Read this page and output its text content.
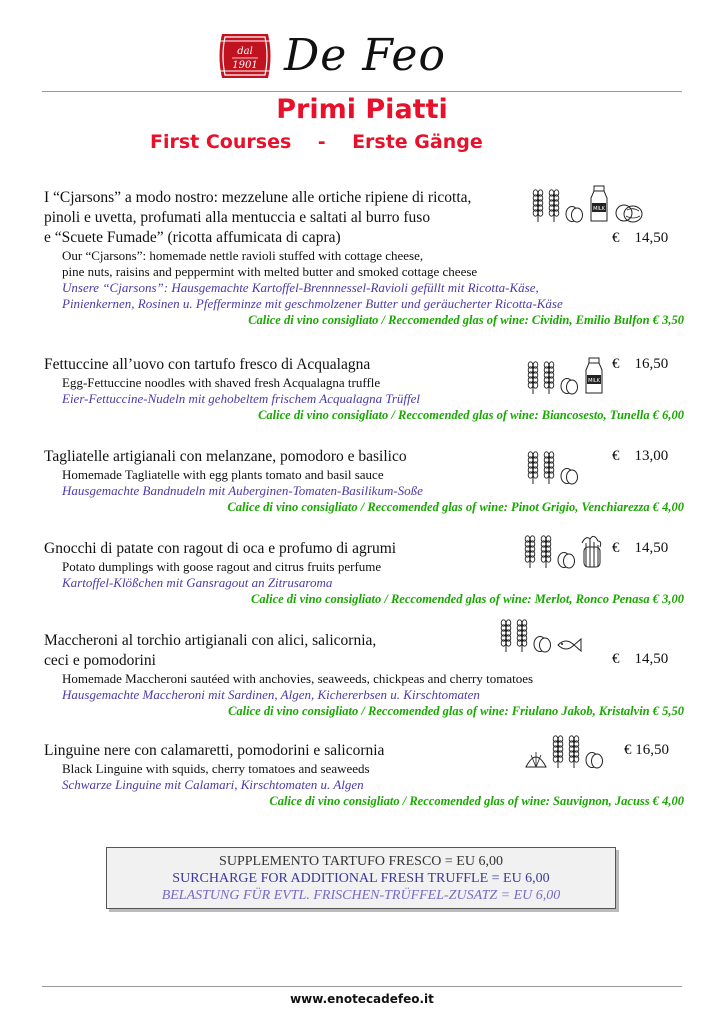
dal
1901 De Feo
Primi Piatti
First Courses    -    Erste Gänge
I “Cjarsons” a modo nostro: mezzelune alle ortiche ripiene di ricotta,
pinoli e uvetta, profumati alla mentuccia e saltati al burro fuso
e “Scuete Fumade” (ricotta affumicata di capra)
Our “Cjarsons”: homemade nettle ravioli stuffed with cottage cheese,
pine nuts, raisins and peppermint with melted butter and smoked cottage cheese
Unsere “Cjarsons”: Hausgemachte Kartoffel-Brennnessel-Ravioli gefüllt mit Ricotta-Käse,
Pinienkernen, Rosinen u. Pfefferminze mit geschmolzener Butter und geräucherter Ricotta-Käse
Calice di vino consigliato / Reccomended glas of wine: Cividin, Emilio Bulfon € 3,50
€    14,50
MILK
Fettuccine all’uovo con tartufo fresco di Acqualagna
Egg-Fettuccine noodles with shaved fresh Acqualagna truffle
Eier-Fettuccine-Nudeln mit gehobeltem frischem Acqualagna Trüffel
Calice di vino consigliato / Reccomended glas of wine: Biancosesto, Tunella € 6,00
€    16,50
MILK
Tagliatelle artigianali con melanzane, pomodoro e basilico
Homemade Tagliatelle with egg plants tomato and basil sauce
Hausgemachte Bandnudeln mit Auberginen-Tomaten-Basilikum-Soße
Calice di vino consigliato / Reccomended glas of wine: Pinot Grigio, Venchiarezza € 4,00
€    13,00
Gnocchi di patate con ragout di oca e profumo di agrumi
Potato dumplings with goose ragout and citrus fruits perfume
Kartoffel-Klößchen mit Gansragout an Zitrusaroma
Calice di vino consigliato / Reccomended glas of wine: Merlot, Ronco Penasa € 3,00
€    14,50
Maccheroni al torchio artigianali con alici, salicornia,
ceci e pomodorini
Homemade Maccheroni sautéed with anchovies, seaweeds, chickpeas and cherry tomatoes
Hausgemachte Maccheroni mit Sardinen, Algen, Kichererbsen u. Kirschtomaten
Calice di vino consigliato / Reccomended glas of wine: Friulano Jakob, Kristalvin € 5,50
€    14,50
Linguine nere con calamaretti, pomodorini e salicornia
Black Linguine with squids, cherry tomatoes and seaweeds
Schwarze Linguine mit Calamari, Kirschtomaten u. Algen
Calice di vino consigliato / Reccomended glas of wine: Sauvignon, Jacuss € 4,00
€ 16,50
SUPPLEMENTO TARTUFO FRESCO = EU 6,00
SURCHARGE FOR ADDITIONAL FRESH TRUFFLE = EU 6,00
BELASTUNG FÜR EVTL. FRISCHEN-TRÜFFEL-ZUSATZ = EU 6,00
www.enotecadefeo.it
